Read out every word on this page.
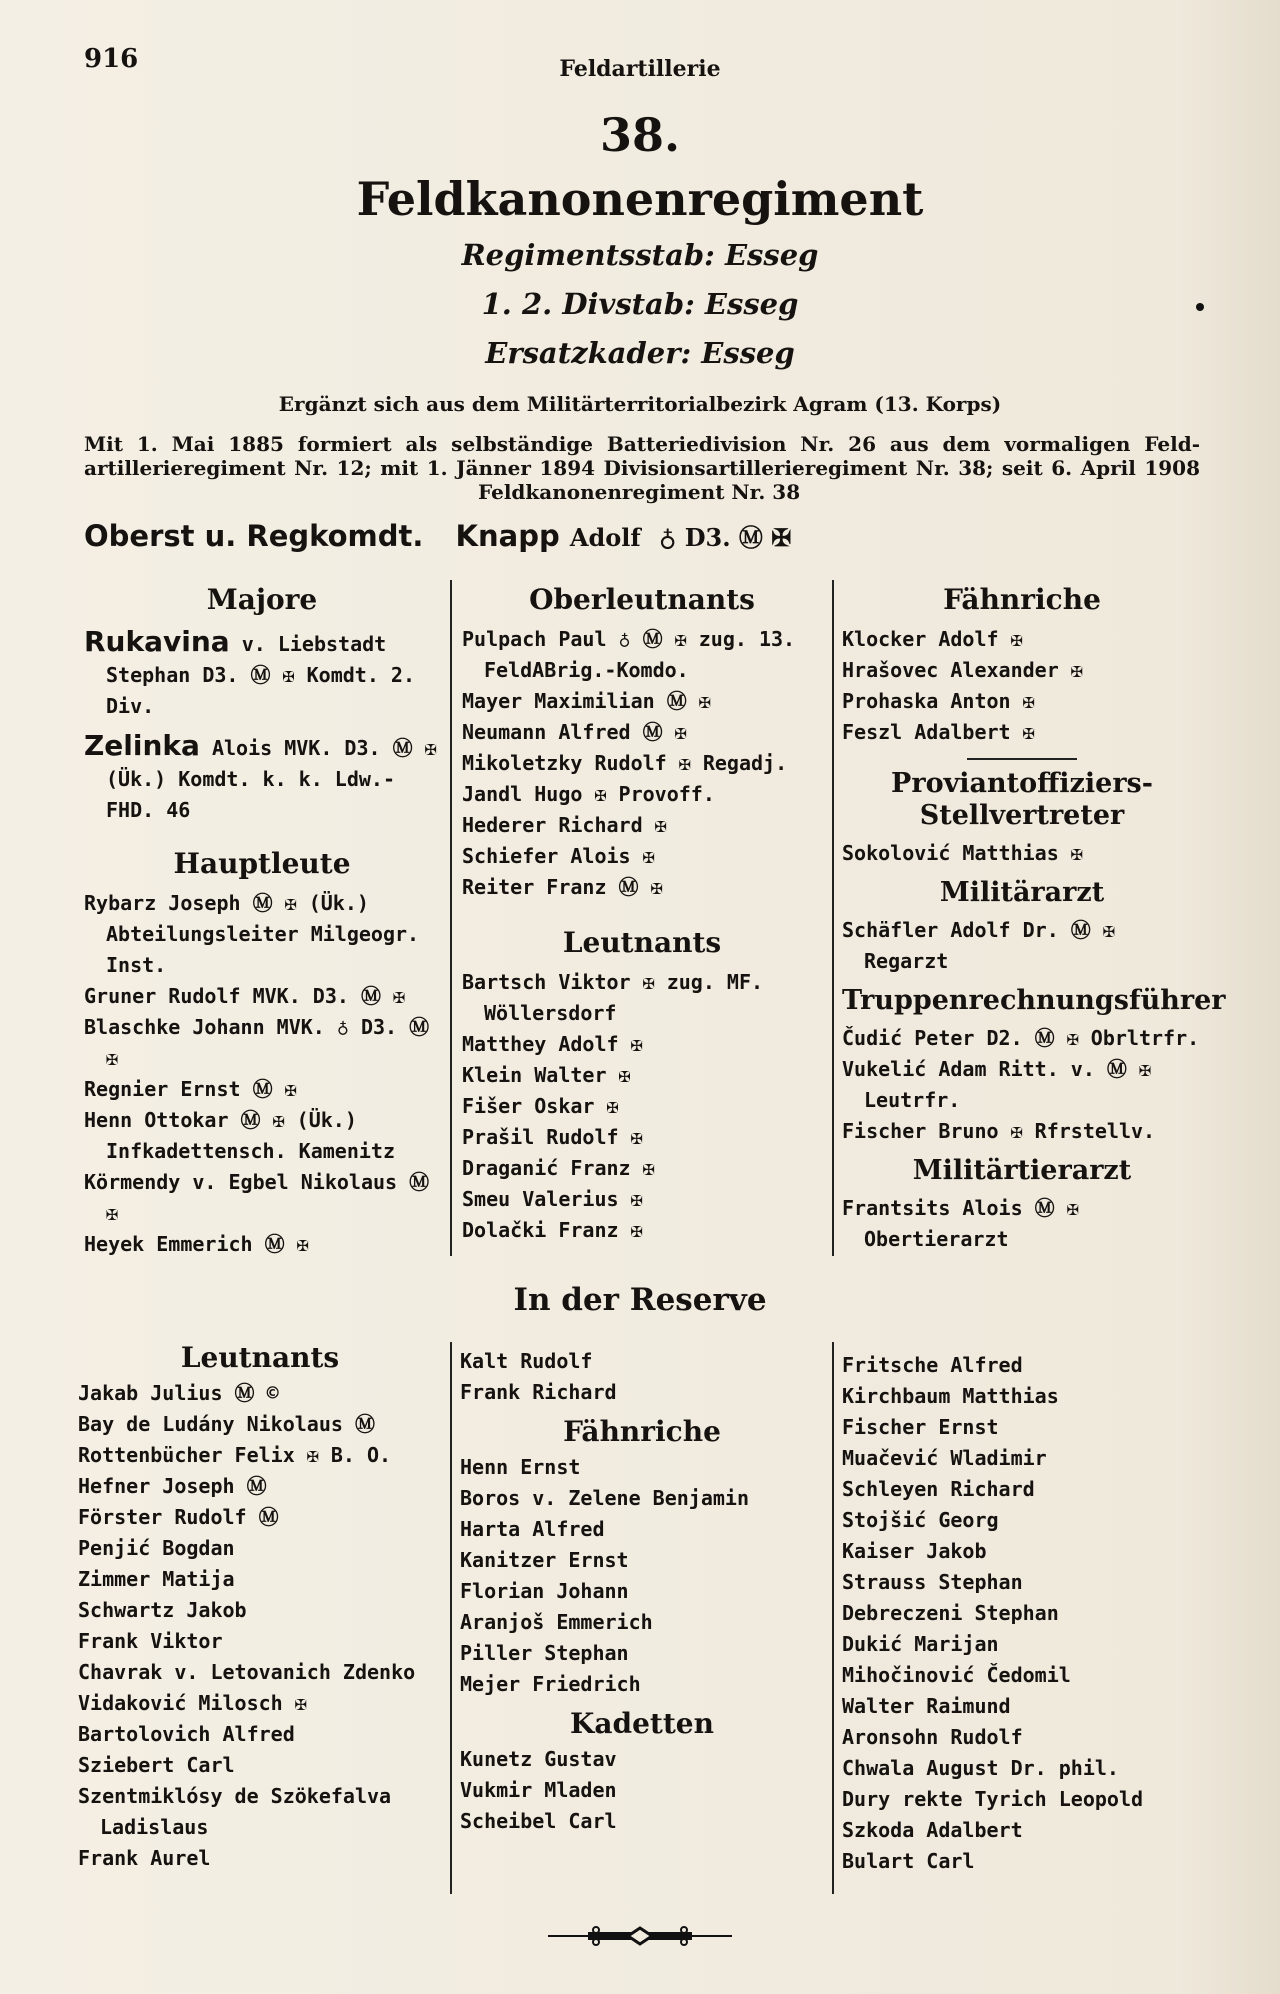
916	Feldartillerie
38.
Feldkanonenregiment
Regimentsstab: Esseg
1. 2. Divstab: Esseg
Ersatzkader: Esseg
Ergänzt sich aus dem Militärterritorialbezirk Agram (13. Korps)

Mit 1. Mai 1885 formiert als selbständige Batteriedivision Nr. 26 aus dem vormaligen Feld-

artillerieregiment Nr. 12; mit 1. Jänner 1894 Divisionsartillerieregiment Nr. 38; seit 6. April 1908

Feldkanonenregiment Nr. 38

Oberst u. Regkomdt. Knapp Adolf ♁ D3. Ⓜ ✠
Majore
Rukavina v. Liebstadt Stephan D3. Ⓜ ✠ Komdt. 2. Div.
Zelinka Alois MVK. D3. Ⓜ ✠ (Ük.) Komdt. k. k. Ldw.-FHD. 46
Hauptleute

Rybarz Joseph Ⓜ ✠ (Ük.) Abteilungsleiter Milgeogr. Inst.

Gruner Rudolf MVK. D3. Ⓜ ✠

Blaschke Johann MVK. ♁ D3. Ⓜ ✠

Regnier Ernst Ⓜ ✠

Henn Ottokar Ⓜ ✠ (Ük.) Infkadettensch. Kamenitz

Körmendy v. Egbel Nikolaus Ⓜ ✠

Heyek Emmerich Ⓜ ✠

Oberleutnants

Pulpach Paul ♁ Ⓜ ✠ zug. 13. FeldABrig.-Komdo.

Mayer Maximilian Ⓜ ✠

Neumann Alfred Ⓜ ✠

Mikoletzky Rudolf ✠ Regadj.

Jandl Hugo ✠ Provoff.

Hederer Richard ✠

Schiefer Alois ✠

Reiter Franz Ⓜ ✠

Leutnants

Bartsch Viktor ✠ zug. MF. Wöllersdorf

Matthey Adolf ✠

Klein Walter ✠

Fišer Oskar ✠

Prašil Rudolf ✠

Draganić Franz ✠

Smeu Valerius ✠

Dolački Franz ✠

Fähnriche

Klocker Adolf ✠

Hrašovec Alexander ✠

Prohaska Anton ✠

Feszl Adalbert ✠

Proviantoffiziers-Stellvertreter

Sokolović Matthias ✠

Militärarzt

Schäfler Adolf Dr. Ⓜ ✠ Regarzt

Truppenrechnungsführer

Čudić Peter D2. Ⓜ ✠ Obrltrfr.

Vukelić Adam Ritt. v. Ⓜ ✠ Leutrfr.

Fischer Bruno ✠ Rfrstellv.

Militärtierarzt

Frantsits Alois Ⓜ ✠ Obertierarzt

In der Reserve
Leutnants

Jakab Julius Ⓜ ©

Bay de Ludány Nikolaus Ⓜ

Rottenbücher Felix ✠ B. O.

Hefner Joseph Ⓜ

Förster Rudolf Ⓜ

Penjić Bogdan

Zimmer Matija

Schwartz Jakob

Frank Viktor

Chavrak v. Letovanich Zdenko

Vidaković Milosch ✠

Bartolovich Alfred

Sziebert Carl

Szentmiklósy de Szökefalva Ladislaus

Frank Aurel

Kalt Rudolf

Frank Richard

Fähnriche

Henn Ernst

Boros v. Zelene Benjamin

Harta Alfred

Kanitzer Ernst

Florian Johann

Aranjoš Emmerich

Piller Stephan

Mejer Friedrich

Kadetten

Kunetz Gustav

Vukmir Mladen

Scheibel Carl

Fritsche Alfred

Kirchbaum Matthias

Fischer Ernst

Muačević Wladimir

Schleyen Richard

Stojšić Georg

Kaiser Jakob

Strauss Stephan

Debreczeni Stephan

Dukić Marijan

Mihočinović Čedomil

Walter Raimund

Aronsohn Rudolf

Chwala August Dr. phil.

Dury rekte Tyrich Leopold

Szkoda Adalbert

Bulart Carl
